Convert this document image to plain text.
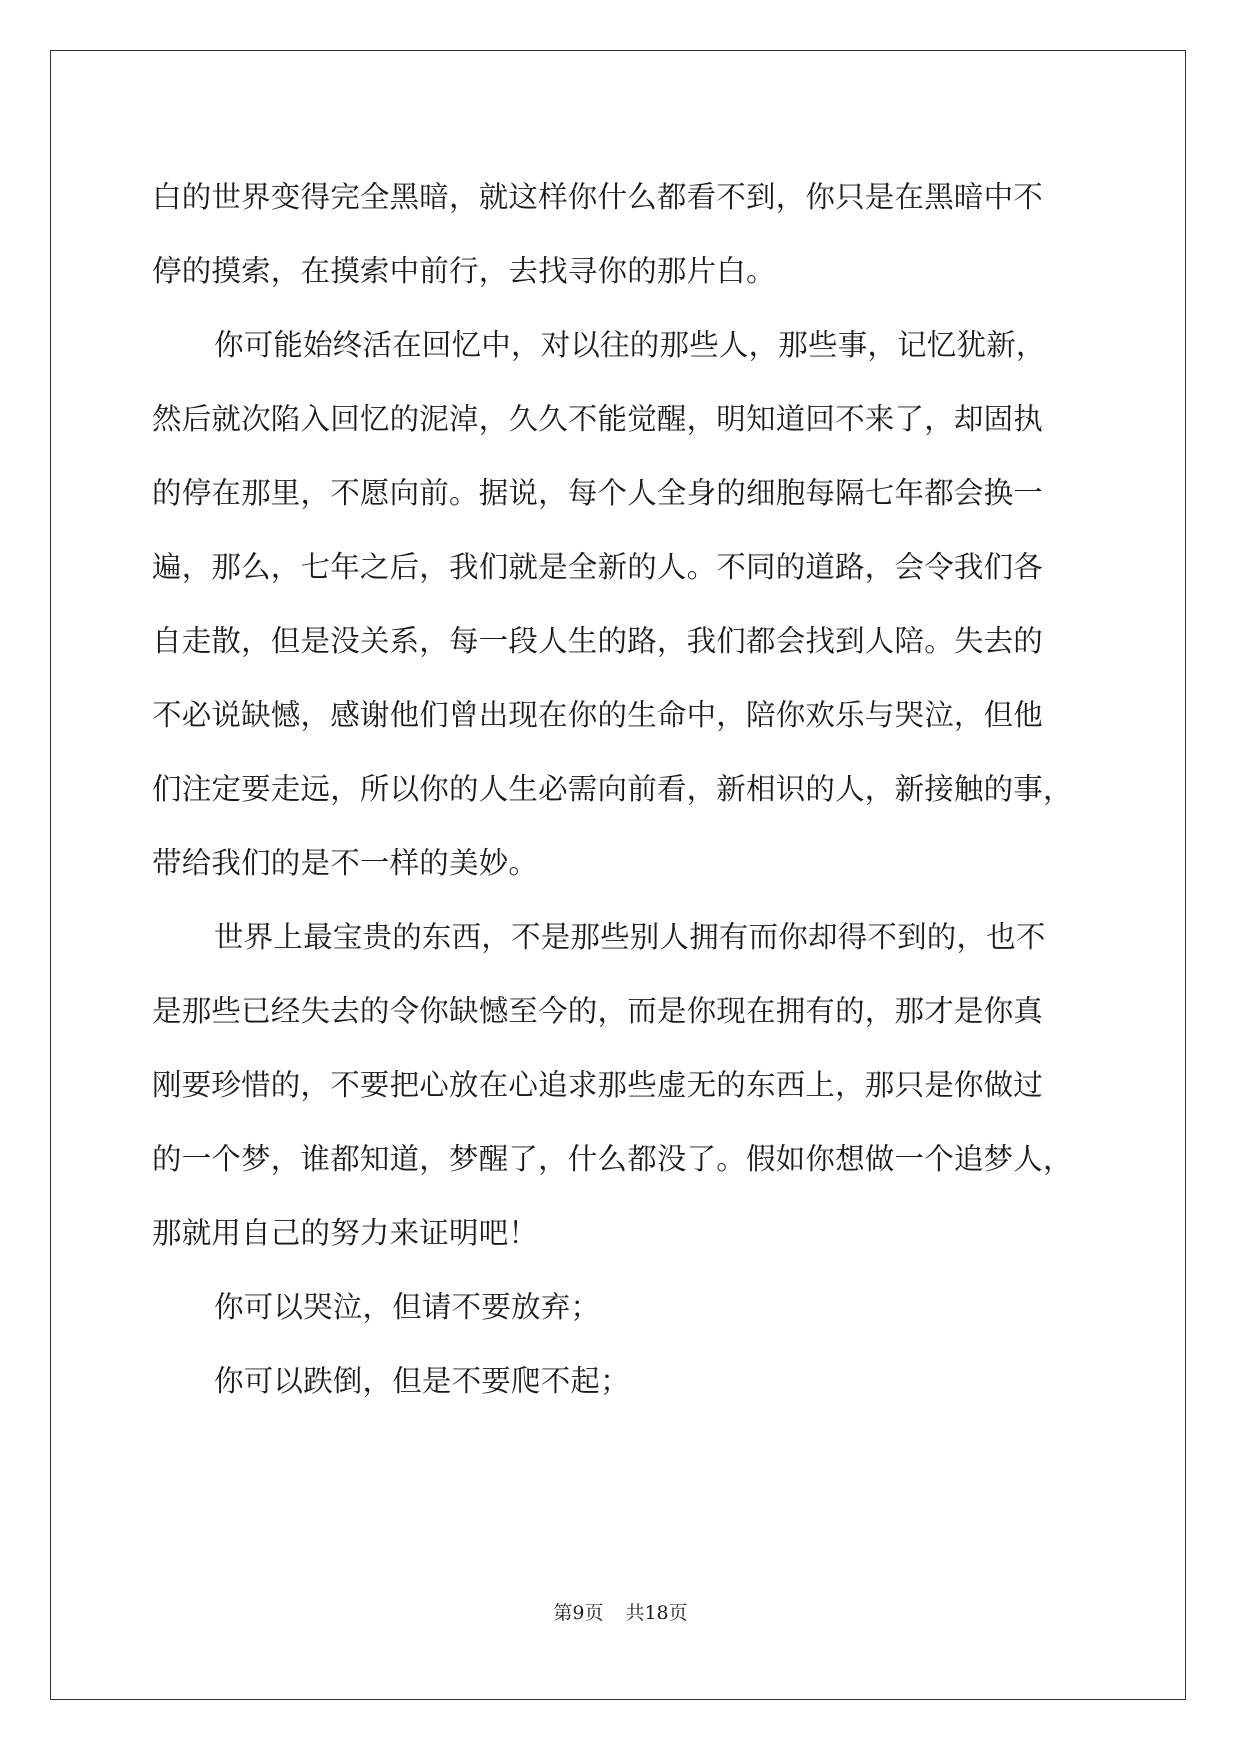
白的世界变得完全黑暗，就这样你什么都看不到，你只是在黑暗中不
停的摸索，在摸索中前行，去找寻你的那片白。
你可能始终活在回忆中，对以往的那些人，那些事，记忆犹新，
然后就次陷入回忆的泥淖，久久不能觉醒，明知道回不来了，却固执
的停在那里，不愿向前。据说，每个人全身的细胞每隔七年都会换一
遍，那么，七年之后，我们就是全新的人。不同的道路，会令我们各
自走散，但是没关系，每一段人生的路，我们都会找到人陪。失去的
不必说缺憾，感谢他们曾出现在你的生命中，陪你欢乐与哭泣，但他
们注定要走远，所以你的人生必需向前看，新相识的人，新接触的事，
带给我们的是不一样的美妙。
世界上最宝贵的东西，不是那些别人拥有而你却得不到的，也不
是那些已经失去的令你缺憾至今的，而是你现在拥有的，那才是你真
刚要珍惜的，不要把心放在心追求那些虚无的东西上，那只是你做过
的一个梦，谁都知道，梦醒了，什么都没了。假如你想做一个追梦人，
那就用自己的努力来证明吧！
你可以哭泣，但请不要放弃；
你可以跌倒，但是不要爬不起；
第9页 共18页
